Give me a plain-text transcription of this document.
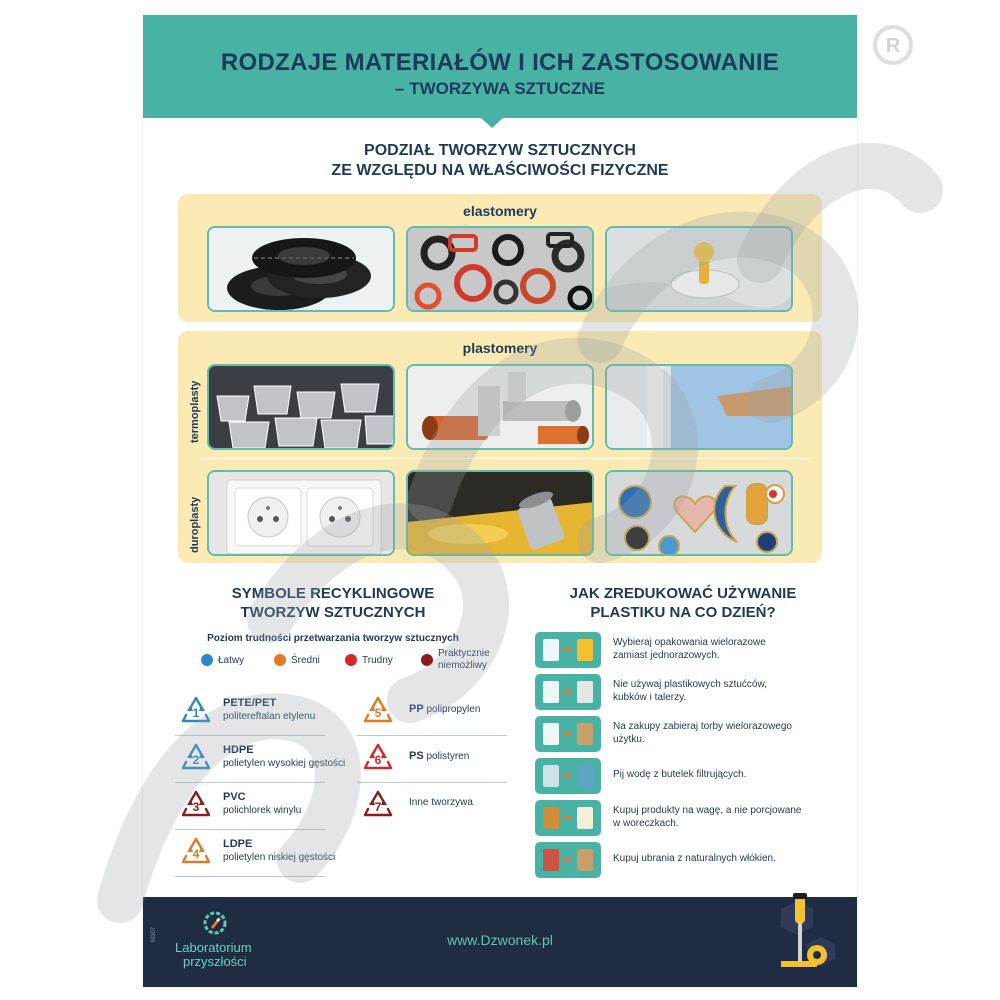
RODZAJE MATERIAŁÓW I ICH ZASTOSOWANIE
– TWORZYWA SZTUCZNE
PODZIAŁ TWORZYW SZTUCZNYCH
ZE WZGLĘDU NA WŁAŚCIWOŚCI FIZYCZNE
elastomery
plastomery
termoplasty
duroplasty
SYMBOLE RECYKLINGOWE
TWORZYW SZTUCZNYCH
Poziom trudności przetwarzania tworzyw sztucznych
Łatwy	Średni	Trudny
Praktycznie
niemożliwy
1
PETE/PET
politereftalan etylenu
2
HDPE
polietylen wysokiej gęstości
3
PVC
polichlorek winylu
4
LDPE
polietylen niskiej gęstości
5	PP polipropylen
6	PS polistyren
7	Inne tworzywa
JAK ZREDUKOWAĆ UŻYWANIE
PLASTIKU NA CO DZIEŃ?
Wybieraj opakowania wielorazowe
zamiast jednorazowych.
Nie używaj plastikowych sztućców,
kubków i talerzy.
Na zakupy zabieraj torby wielorazowego
użytku.
Pij wodę z butelek filtrujących.
Kupuj produkty na wagę, a nie porcjowane
w woreczkach.
Kupuj ubrania z naturalnych włókien.
M307
Laboratorium
przyszłości
www.Dzwonek.pl
R
